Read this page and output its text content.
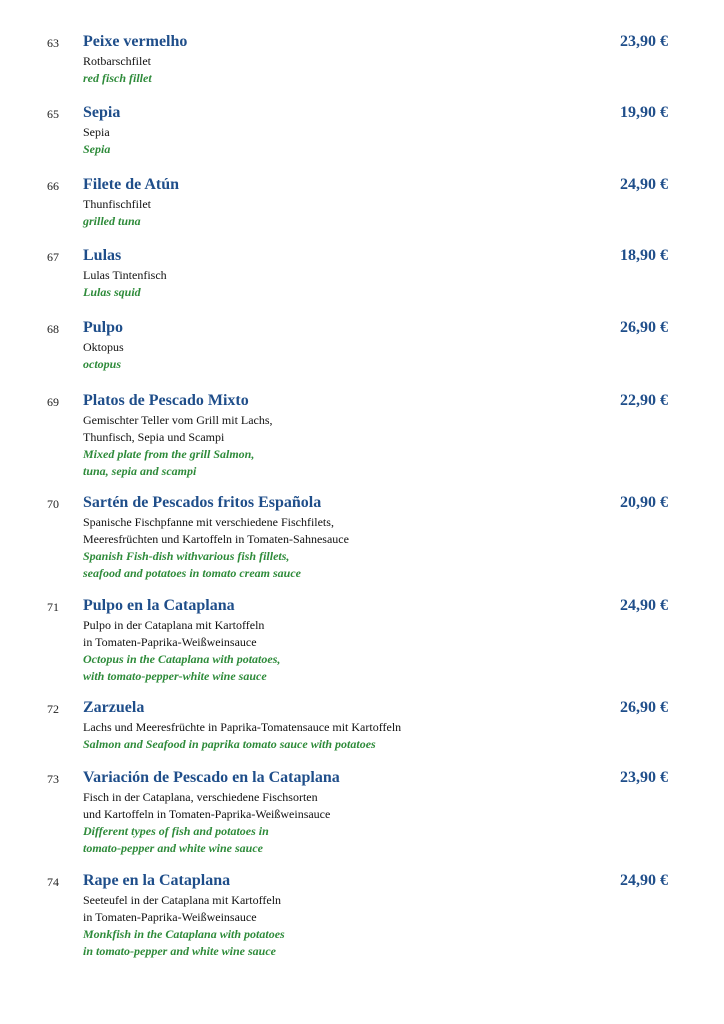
63 Peixe vermelho	23,90 €
Rotbarschfilet
red fisch fillet
65 Sepia	19,90 €
Sepia
Sepia
66 Filete de Atún	24,90 €
Thunfischfilet
grilled tuna
67 Lulas	18,90 €
Lulas Tintenfisch
Lulas squid
68 Pulpo	26,90 €
Oktopus
octopus
69 Platos de Pescado Mixto	22,90 €
Gemischter Teller vom Grill mit Lachs,
Thunfisch, Sepia und Scampi
Mixed plate from the grill Salmon,
tuna, sepia and scampi
70 Sartén de Pescados fritos Española	20,90 €
Spanische Fischpfanne mit verschiedene Fischfilets,
Meeresfrüchten und Kartoffeln in Tomaten-Sahnesauce
Spanish Fish-dish withvarious fish fillets,
seafood and potatoes in tomato cream sauce
71 Pulpo en la Cataplana	24,90 €
Pulpo in der Cataplana mit Kartoffeln
in Tomaten-Paprika-Weißweinsauce
Octopus in the Cataplana with potatoes,
with tomato-pepper-white wine sauce
72 Zarzuela	26,90 €
Lachs und Meeresfrüchte in Paprika-Tomatensauce mit Kartoffeln
Salmon and Seafood in paprika tomato sauce with potatoes
73 Variación de Pescado en la Cataplana	23,90 €
Fisch in der Cataplana, verschiedene Fischsorten
und Kartoffeln in Tomaten-Paprika-Weißweinsauce
Different types of fish and potatoes in
tomato-pepper and white wine sauce
74 Rape en la Cataplana	24,90 €
Seeteufel in der Cataplana mit Kartoffeln
in Tomaten-Paprika-Weißweinsauce
Monkfish in the Cataplana with potatoes
in tomato-pepper and white wine sauce
